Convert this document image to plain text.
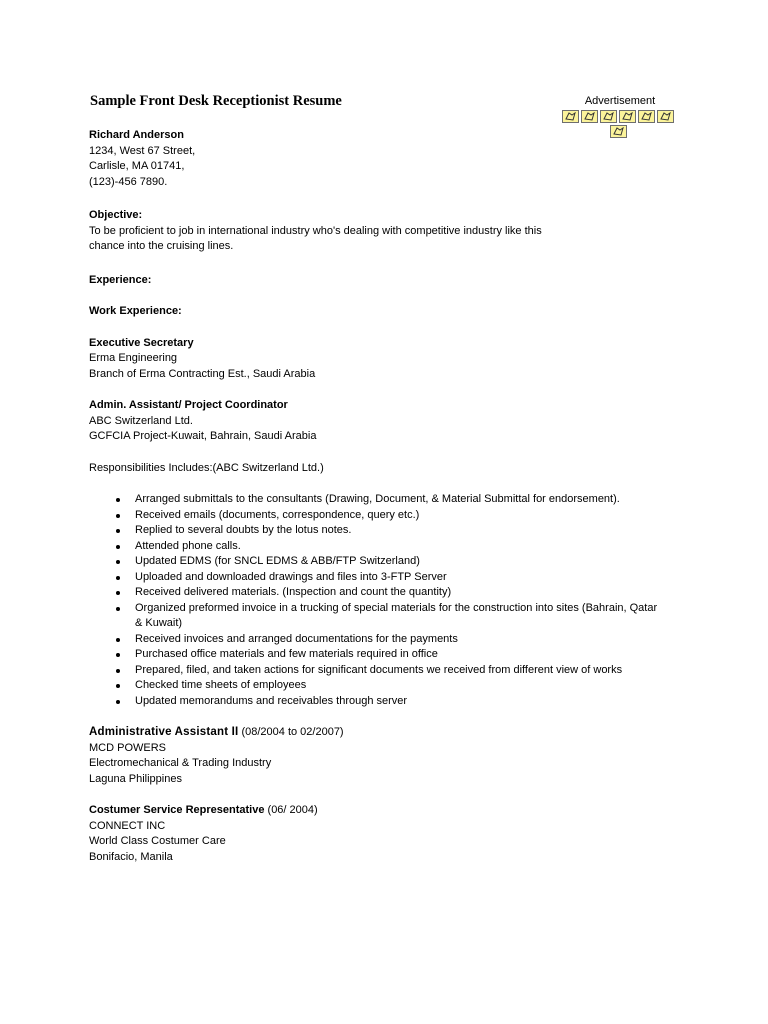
Sample Front Desk Receptionist Resume	Advertisement

Richard Anderson

1234, West 67 Street,

Carlisle, MA 01741,

(123)-456 7890.

Objective:

To be proficient to job in international industry who's dealing with competitive industry like this

chance into the cruising lines.

Experience:

Work Experience:

Executive Secretary

Erma Engineering

Branch of Erma Contracting Est., Saudi Arabia

Admin. Assistant/ Project Coordinator

ABC Switzerland Ltd.

GCFCIA Project-Kuwait, Bahrain, Saudi Arabia

Responsibilities Includes:(ABC Switzerland Ltd.)

Arranged submittals to the consultants (Drawing, Document, & Material Submittal for endorsement).
Received emails (documents, correspondence, query etc.)
Replied to several doubts by the lotus notes.
Attended phone calls.
Updated EDMS (for SNCL EDMS & ABB/FTP Switzerland)
Uploaded and downloaded drawings and files into 3-FTP Server
Received delivered materials. (Inspection and count the quantity)
Organized preformed invoice in a trucking of special materials for the construction into sites (Bahrain, Qatar
& Kuwait)
Received invoices and arranged documentations for the payments
Purchased office materials and few materials required in office
Prepared, filed, and taken actions for significant documents we received from different view of works
Checked time sheets of employees
Updated memorandums and receivables through server

Administrative Assistant II (08/2004 to 02/2007)

MCD POWERS

Electromechanical & Trading Industry

Laguna Philippines

Costumer Service Representative (06/ 2004)

CONNECT INC

World Class Costumer Care

Bonifacio, Manila
